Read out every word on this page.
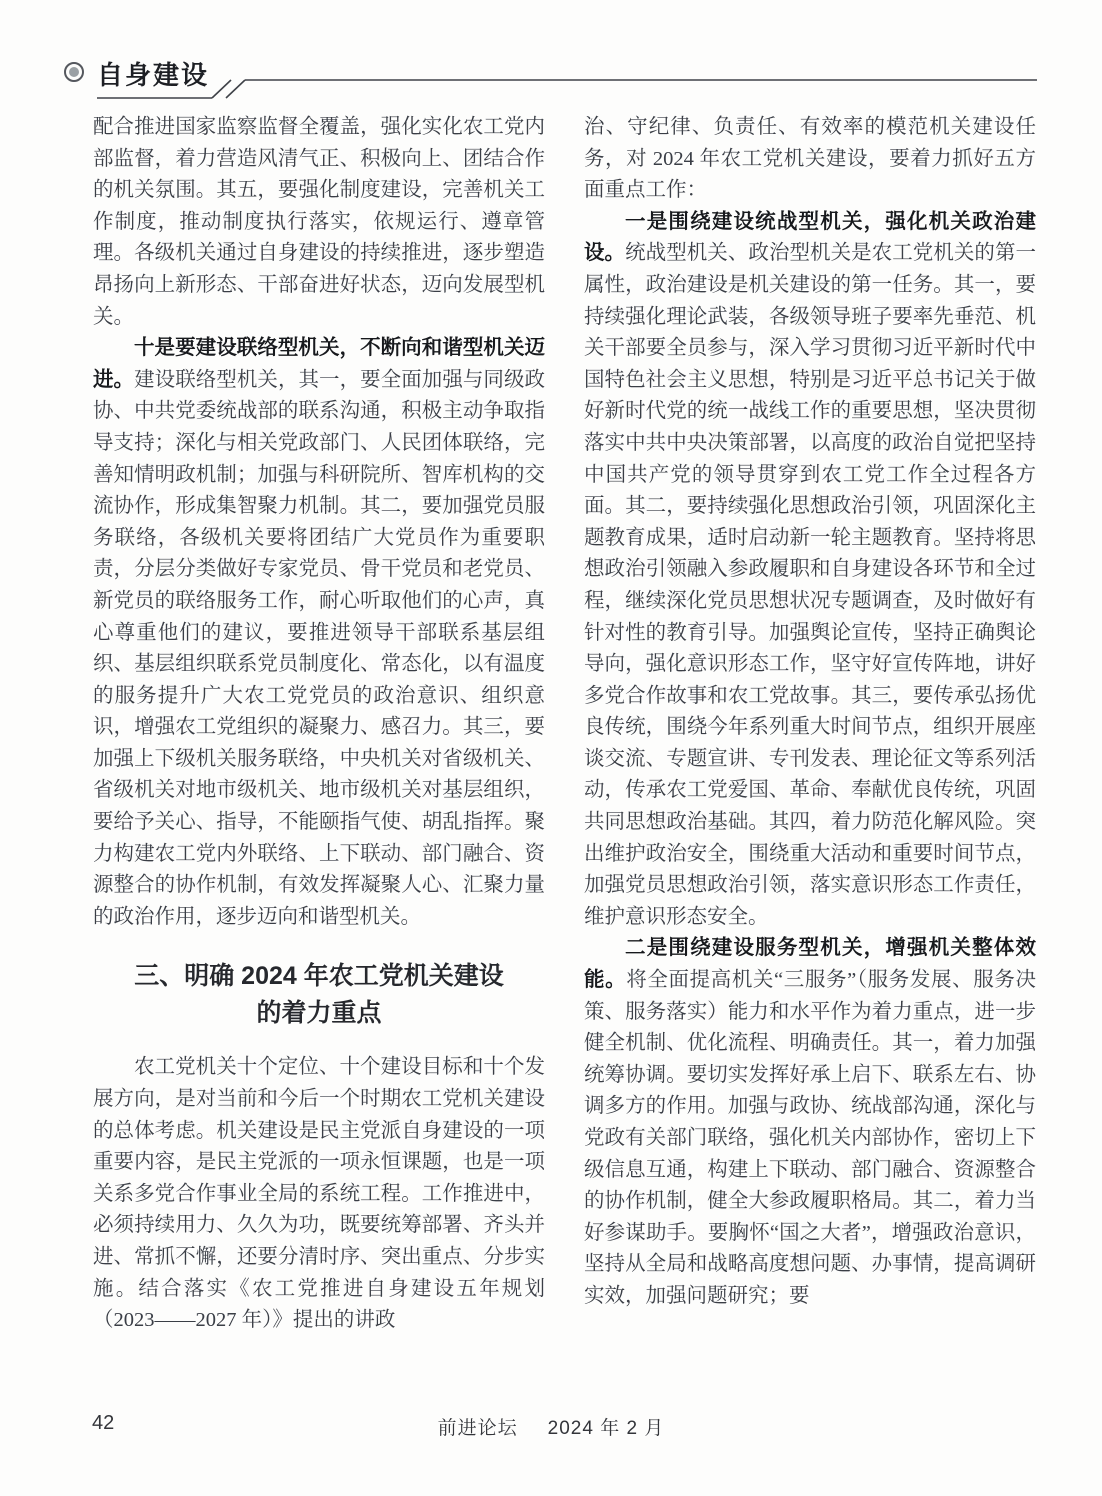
自身建设

配合推进国家监察监督全覆盖，强化实化农工党内部监督，着力营造风清气正、积极向上、团结合作的机关氛围。其五，要强化制度建设，完善机关工作制度，推动制度执行落实，依规运行、遵章管理。各级机关通过自身建设的持续推进，逐步塑造昂扬向上新形态、干部奋进好状态，迈向发展型机关。

十是要建设联络型机关，不断向和谐型机关迈进。建设联络型机关，其一，要全面加强与同级政协、中共党委统战部的联系沟通，积极主动争取指导支持；深化与相关党政部门、人民团体联络，完善知情明政机制；加强与科研院所、智库机构的交流协作，形成集智聚力机制。其二，要加强党员服务联络，各级机关要将团结广大党员作为重要职责，分层分类做好专家党员、骨干党员和老党员、新党员的联络服务工作，耐心听取他们的心声，真心尊重他们的建议，要推进领导干部联系基层组织、基层组织联系党员制度化、常态化，以有温度的服务提升广大农工党党员的政治意识、组织意识，增强农工党组织的凝聚力、感召力。其三，要加强上下级机关服务联络，中央机关对省级机关、省级机关对地市级机关、地市级机关对基层组织，要给予关心、指导，不能颐指气使、胡乱指挥。聚力构建农工党内外联络、上下联动、部门融合、资源整合的协作机制，有效发挥凝聚人心、汇聚力量的政治作用，逐步迈向和谐型机关。

三、明确 2024 年农工党机关建设
的着力重点

农工党机关十个定位、十个建设目标和十个发展方向，是对当前和今后一个时期农工党机关建设的总体考虑。机关建设是民主党派自身建设的一项重要内容，是民主党派的一项永恒课题，也是一项关系多党合作事业全局的系统工程。工作推进中，必须持续用力、久久为功，既要统筹部署、齐头并进、常抓不懈，还要分清时序、突出重点、分步实施。结合落实《农工党推进自身建设五年规划（2023——2027 年）》提出的讲政

治、守纪律、负责任、有效率的模范机关建设任务，对 2024 年农工党机关建设，要着力抓好五方面重点工作：

一是围绕建设统战型机关，强化机关政治建设。统战型机关、政治型机关是农工党机关的第一属性，政治建设是机关建设的第一任务。其一，要持续强化理论武装，各级领导班子要率先垂范、机关干部要全员参与，深入学习贯彻习近平新时代中国特色社会主义思想，特别是习近平总书记关于做好新时代党的统一战线工作的重要思想，坚决贯彻落实中共中央决策部署，以高度的政治自觉把坚持中国共产党的领导贯穿到农工党工作全过程各方面。其二，要持续强化思想政治引领，巩固深化主题教育成果，适时启动新一轮主题教育。坚持将思想政治引领融入参政履职和自身建设各环节和全过程，继续深化党员思想状况专题调查，及时做好有针对性的教育引导。加强舆论宣传，坚持正确舆论导向，强化意识形态工作，坚守好宣传阵地，讲好多党合作故事和农工党故事。其三，要传承弘扬优良传统，围绕今年系列重大时间节点，组织开展座谈交流、专题宣讲、专刊发表、理论征文等系列活动，传承农工党爱国、革命、奉献优良传统，巩固共同思想政治基础。其四，着力防范化解风险。突出维护政治安全，围绕重大活动和重要时间节点，加强党员思想政治引领，落实意识形态工作责任，维护意识形态安全。

二是围绕建设服务型机关，增强机关整体效能。将全面提高机关“三服务”（服务发展、服务决策、服务落实）能力和水平作为着力重点，进一步健全机制、优化流程、明确责任。其一，着力加强统筹协调。要切实发挥好承上启下、联系左右、协调多方的作用。加强与政协、统战部沟通，深化与党政有关部门联络，强化机关内部协作，密切上下级信息互通，构建上下联动、部门融合、资源整合的协作机制，健全大参政履职格局。其二，着力当好参谋助手。要胸怀“国之大者”，增强政治意识，坚持从全局和战略高度想问题、办事情，提高调研实效，加强问题研究；要

42	前进论坛 2024 年 2 月
